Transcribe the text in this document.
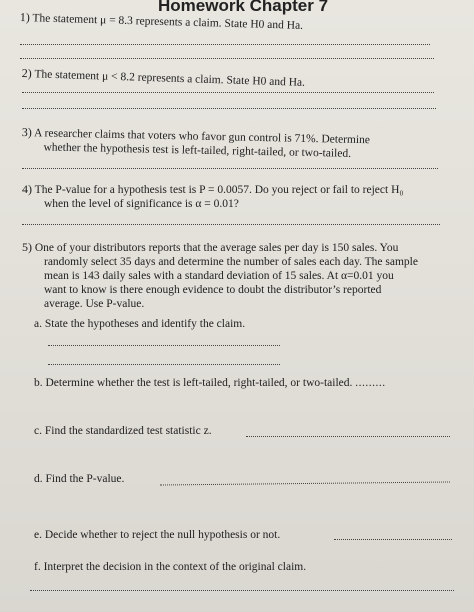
Homework Chapter 7
1) The statement μ = 8.3 represents a claim. State H0 and Ha.
2) The statement μ < 8.2 represents a claim. State H0 and Ha.
3) A researcher claims that voters who favor gun control is 71%. Determine
whether the hypothesis test is left-tailed, right-tailed, or two-tailed.
4) The P-value for a hypothesis test is P = 0.0057. Do you reject or fail to reject H₀
when the level of significance is α = 0.01?
5) One of your distributors reports that the average sales per day is 150 sales. You
randomly select 35 days and determine the number of sales each day. The sample
mean is 143 daily sales with a standard deviation of 15 sales. At α=0.01 you
want to know is there enough evidence to doubt the distributor’s reported
average. Use P-value.
a. State the hypotheses and identify the claim.
b. Determine whether the test is left-tailed, right-tailed, or two-tailed. .........
c. Find the standardized test statistic z.
d. Find the P-value.
e. Decide whether to reject the null hypothesis or not.
f. Interpret the decision in the context of the original claim.
